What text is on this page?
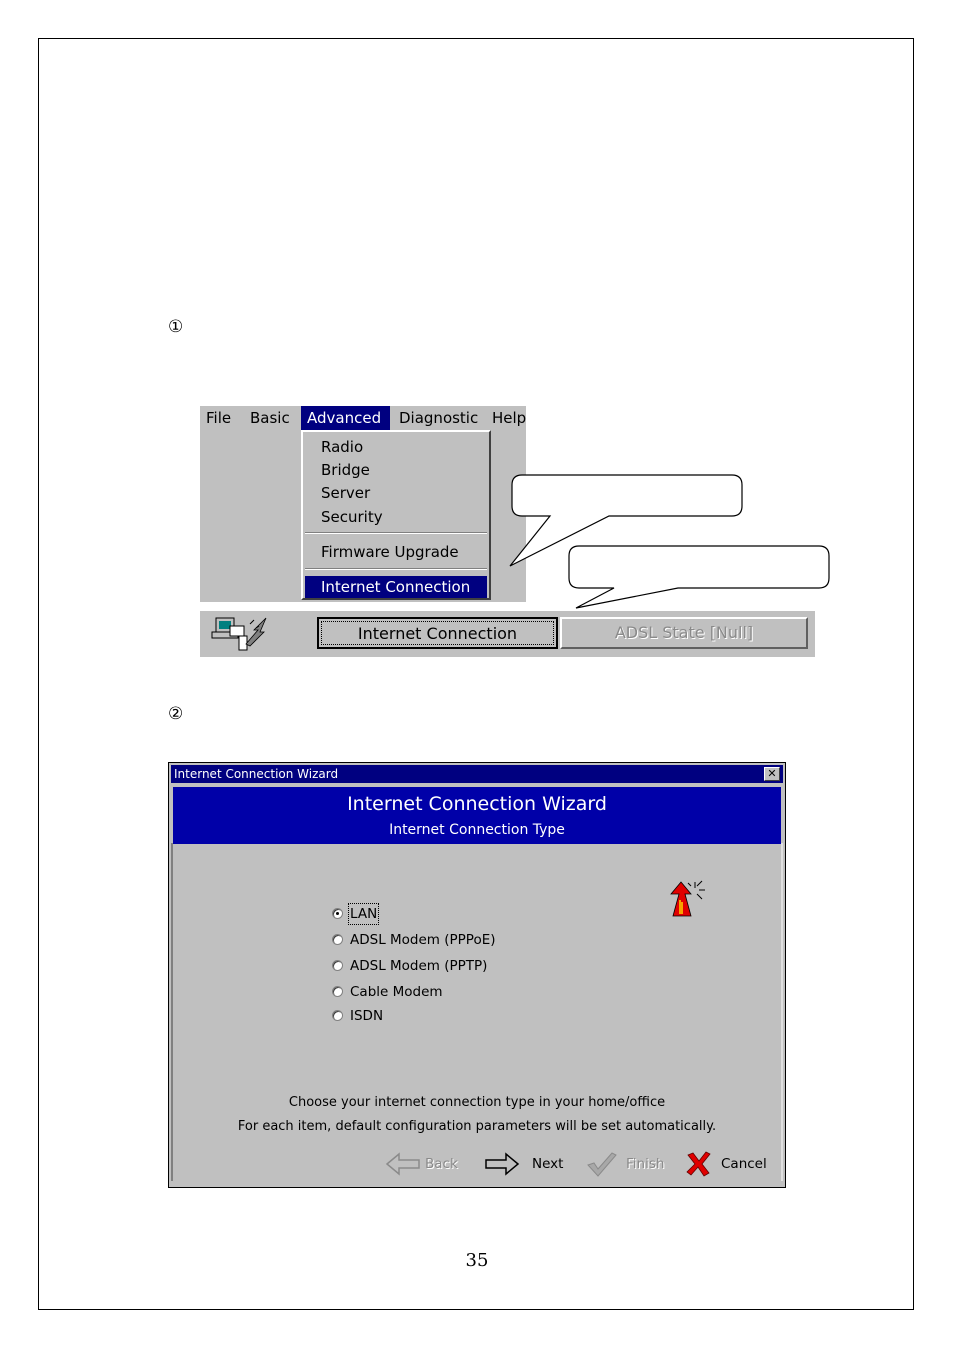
①
②
File	Basic	Advanced	Diagnostic Help
Radio
Bridge
Server
Security
Firmware Upgrade
Internet Connection
Internet Connection	ADSL State [Null]
Internet Connection Wizard	✕
Internet Connection Wizard
Internet Connection Type
LAN
ADSL Modem (PPPoE)
ADSL Modem (PPTP)
Cable Modem
ISDN
Choose your internet connection type in your home/office
For each item, default configuration parameters will be set automatically.
Back	Next	Finish	Cancel
35
